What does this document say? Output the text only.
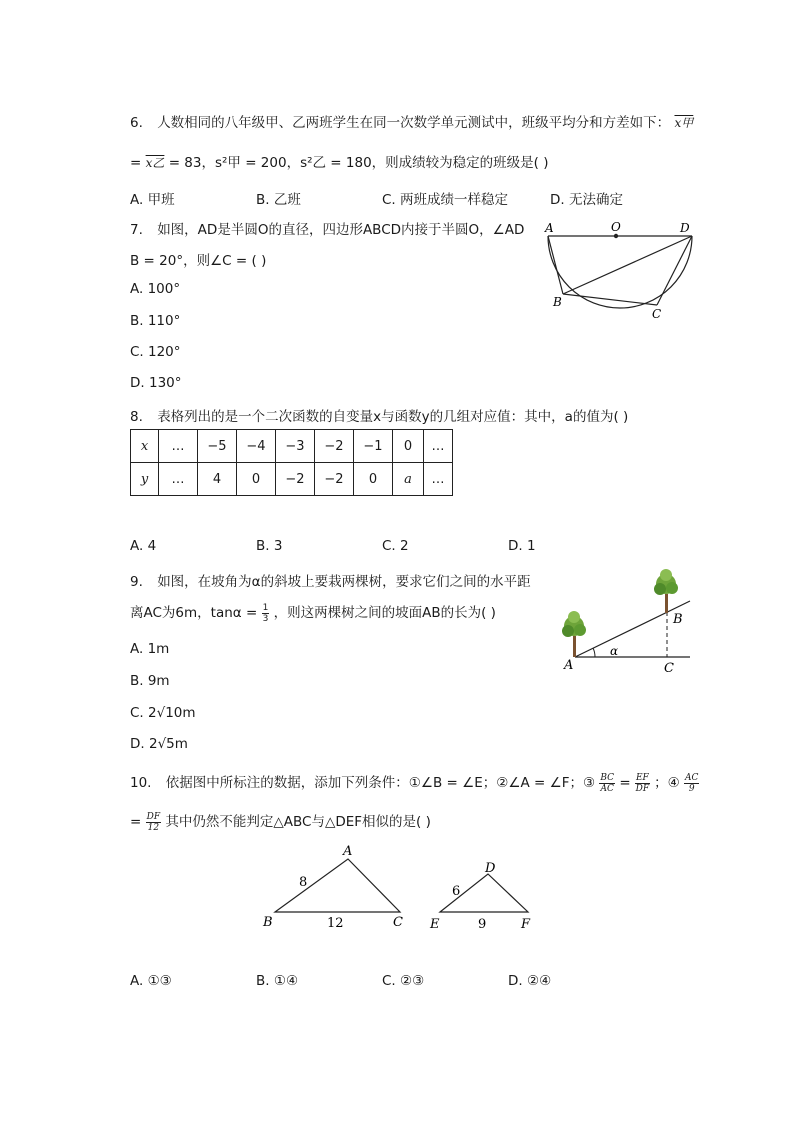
6. 人数相同的八年级甲、乙两班学生在同一次数学单元测试中，班级平均分和方差如下： x甲
= x乙 = 83，s²甲 = 200，s²乙 = 180，则成绩较为稳定的班级是( )
A. 甲班	B. 乙班	C. 两班成绩一样稳定	D. 无法确定
7. 如图，AD是半圆O的直径，四边形ABCD内接于半圆O，∠AD
B = 20°，则∠C = ( )
A. 100°
B. 110°
C. 120°
D. 130°
A	O	D
B
C
8. 表格列出的是一个二次函数的自变量x与函数y的几组对应值：其中，a的值为( )
x	…	−5	−4	−3	−2	−1	0	…
y	…	4	0	−2	−2	0	a	…
A. 4	B. 3	C. 2	D. 1
9. 如图，在坡角为α的斜坡上要栽两棵树，要求它们之间的水平距
离AC为6m，$\tan\alpha = \frac{1}{3}$ ，则这两棵树之间的坡面AB的长为( )
A. 1m
B. 9m
C. 2√10m
D. 2√5m
A
B
C
α
10. 依据图中所标注的数据，添加下列条件：①∠B = ∠E；②∠A = ∠F；③ $\frac{BC}{AC} = \frac{EF}{DF}$ ；④ $\frac{AC}{9}$
= $\frac{DF}{12}$ 其中仍然不能判定△ABC与△DEF相似的是( )
A
B	C
8
12
D
E	F
6
9
A. ①③	B. ①④	C. ②③	D. ②④
